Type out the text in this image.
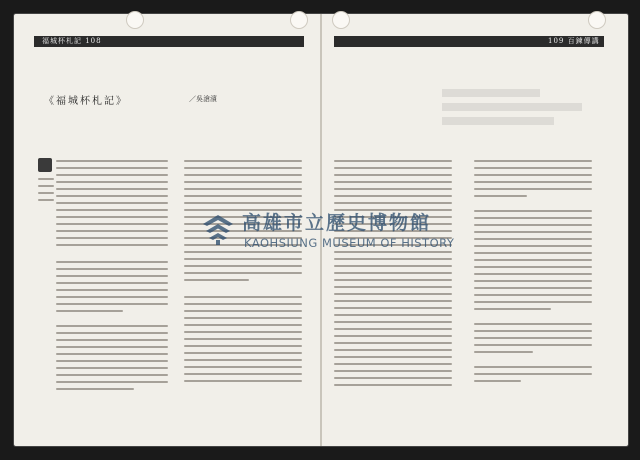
福城杯札記 108
《福城杯札記》	／吳滄濱
109 百鍊傳講
高雄市立歷史博物館
KAOHSIUNG MUSEUM OF HISTORY
